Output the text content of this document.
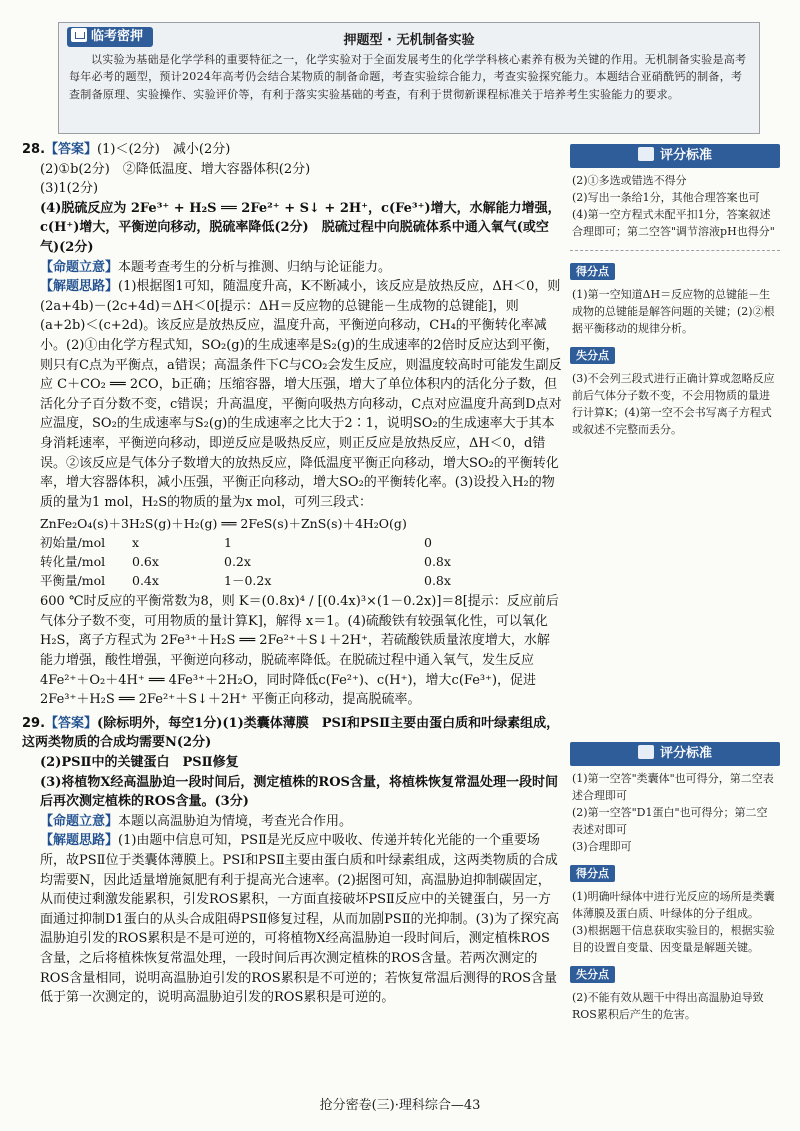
临考密押	押题型 · 无机制备实验
以实验为基础是化学学科的重要特征之一，化学实验对于全面发展考生的化学学科核心素养有极为关键的作用。无机制备实验是高考每年必考的题型，预计2024年高考仍会结合某物质的制备命题，考查实验综合能力，考查实验探究能力。本题结合亚硝酰钙的制备，考查制备原理、实验操作、实验评价等，有利于落实实验基础的考查，有利于贯彻新课程标准关于培养考生实验能力的要求。

28.【答案】(1)＜(2分)　减小(2分)

(2)①b(2分)　②降低温度、增大容器体积(2分)

(3)1(2分)

(4)脱硫反应为 2Fe³⁺ + H₂S ══ 2Fe²⁺ + S↓ + 2H⁺，c(Fe³⁺)增大，水解能力增强，c(H⁺)增大，平衡逆向移动，脱硫率降低(2分)　脱硫过程中向脱硫体系中通入氧气(或空气)(2分)

【命题立意】本题考查考生的分析与推测、归纳与论证能力。

【解题思路】(1)根据图1可知，随温度升高，K不断减小，该反应是放热反应，ΔH＜0，则(2a+4b)－(2c+4d)＝ΔH＜0[提示：ΔH＝反应物的总键能－生成物的总键能]，则(a+2b)＜(c+2d)。该反应是放热反应，温度升高，平衡逆向移动，CH₄的平衡转化率减小。(2)①由化学方程式知，SO₂(g)的生成速率是S₂(g)的生成速率的2倍时反应达到平衡，则只有C点为平衡点，a错误；高温条件下C与CO₂会发生反应，则温度较高时可能发生副反应 C＋CO₂ ══ 2CO，b正确；压缩容器，增大压强，增大了单位体积内的活化分子数，但活化分子百分数不变，c错误；升高温度，平衡向吸热方向移动，C点对应温度升高到D点对应温度，SO₂的生成速率与S₂(g)的生成速率之比大于2∶1，说明SO₂的生成速率大于其本身消耗速率，平衡逆向移动，即逆反应是吸热反应，则正反应是放热反应，ΔH＜0，d错误。②该反应是气体分子数增大的放热反应，降低温度平衡正向移动，增大SO₂的平衡转化率，增大容器体积，减小压强，平衡正向移动，增大SO₂的平衡转化率。(3)设投入H₂的物质的量为1 mol，H₂S的物质的量为x mol，可列三段式：

ZnFe₂O₄(s)＋3H₂S(g)＋H₂(g) ══ 2FeS(s)＋ZnS(s)＋4H₂O(g)
初始量/mol	x	1	0
转化量/mol	0.6x	0.2x	0.8x
平衡量/mol	0.4x	1－0.2x	0.8x

600 ℃时反应的平衡常数为8，则 K＝(0.8x)⁴ / [(0.4x)³×(1－0.2x)]＝8[提示：反应前后气体分子数不变，可用物质的量计算K]，解得 x＝1。(4)硫酸铁有较强氧化性，可以氧化H₂S，离子方程式为 2Fe³⁺＋H₂S ══ 2Fe²⁺＋S↓＋2H⁺，若硫酸铁质量浓度增大，水解能力增强，酸性增强，平衡逆向移动，脱硫率降低。在脱硫过程中通入氧气，发生反应 4Fe²⁺＋O₂＋4H⁺ ══ 4Fe³⁺＋2H₂O，同时降低c(Fe²⁺)、c(H⁺)，增大c(Fe³⁺)，促进 2Fe³⁺＋H₂S ══ 2Fe²⁺＋S↓＋2H⁺ 平衡正向移动，提高脱硫率。

29.【答案】(除标明外，每空1分)(1)类囊体薄膜　PSⅠ和PSⅡ主要由蛋白质和叶绿素组成，这两类物质的合成均需要N(2分)

(2)PSⅡ中的关键蛋白　PSⅡ修复

(3)将植物X经高温胁迫一段时间后，测定植株的ROS含量，将植株恢复常温处理一段时间后再次测定植株的ROS含量。(3分)

【命题立意】本题以高温胁迫为情境，考查光合作用。

【解题思路】(1)由题中信息可知，PSⅡ是光反应中吸收、传递并转化光能的一个重要场所，故PSⅡ位于类囊体薄膜上。PSⅠ和PSⅡ主要由蛋白质和叶绿素组成，这两类物质的合成均需要N，因此适量增施氮肥有利于提高光合速率。(2)据图可知，高温胁迫抑制碳固定，从而使过剩激发能累积，引发ROS累积，一方面直接破坏PSⅡ反应中的关键蛋白，另一方面通过抑制D1蛋白的从头合成阻碍PSⅡ修复过程，从而加剧PSⅡ的光抑制。(3)为了探究高温胁迫引发的ROS累积是不是可逆的，可将植物X经高温胁迫一段时间后，测定植株ROS含量，之后将植株恢复常温处理，一段时间后再次测定植株的ROS含量。若两次测定的ROS含量相同，说明高温胁迫引发的ROS累积是不可逆的；若恢复常温后测得的ROS含量低于第一次测定的，说明高温胁迫引发的ROS累积是可逆的。

评分标准
(2)①多选或错选不得分
(2)写出一条给1分，其他合理答案也可
(4)第一空方程式未配平扣1分，答案叙述合理即可；第二空答"调节溶液pH也得分"
得分点
(1)第一空知道ΔH＝反应物的总键能－生成物的总键能是解答问题的关键；(2)②根据平衡移动的规律分析。
失分点
(3)不会列三段式进行正确计算或忽略反应前后气体分子数不变，不会用物质的量进行计算K；(4)第一空不会书写离子方程式或叙述不完整而丢分。
评分标准
(1)第一空答"类囊体"也可得分，第二空表述合理即可
(2)第一空答"D1蛋白"也可得分；第二空表述对即可
(3)合理即可
得分点
(1)明确叶绿体中进行光反应的场所是类囊体薄膜及蛋白质、叶绿体的分子组成。
(3)根据题干信息获取实验目的，根据实验目的设置自变量、因变量是解题关键。
失分点
(2)不能有效从题干中得出高温胁迫导致ROS累积后产生的危害。
抢分密卷(三)·理科综合—43
